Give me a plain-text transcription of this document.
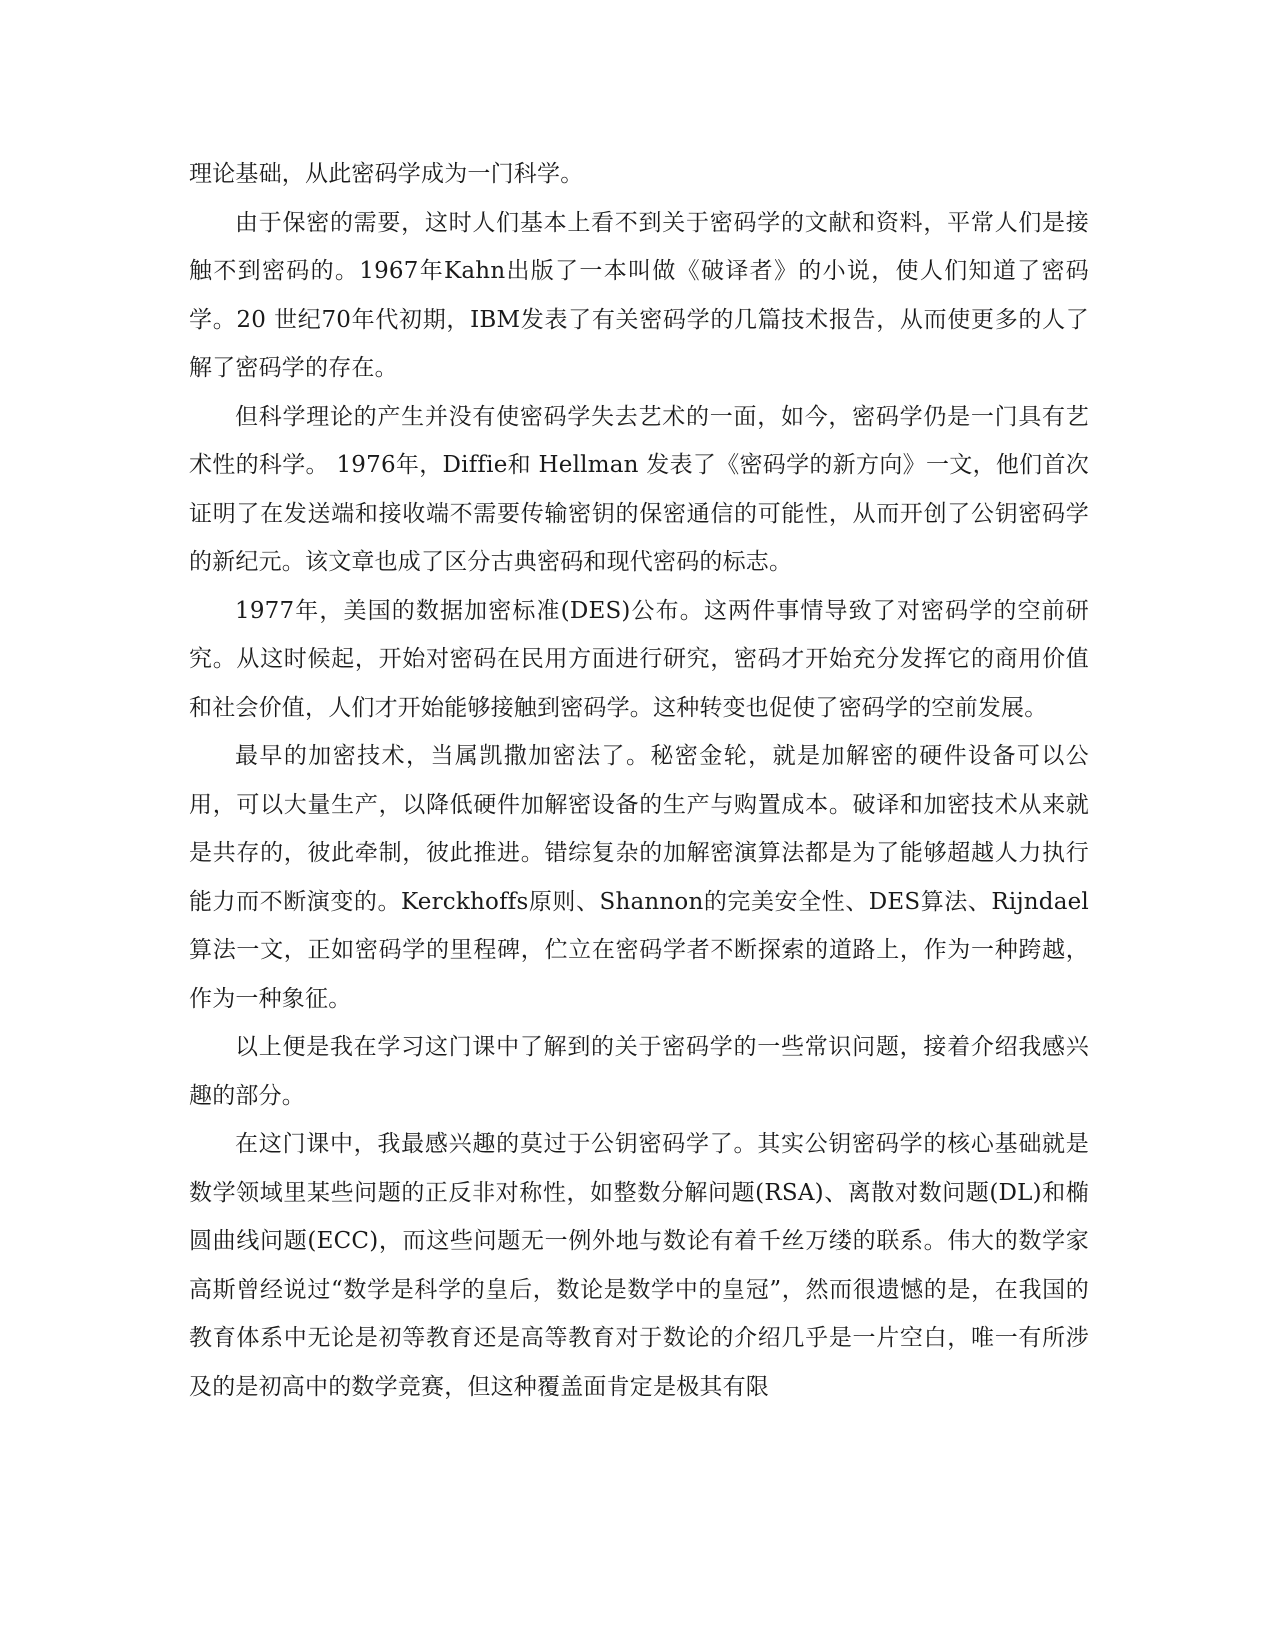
理论基础，从此密码学成为一门科学。

由于保密的需要，这时人们基本上看不到关于密码学的文献和资料，平常人们是接触不到密码的。1967年Kahn出版了一本叫做《破译者》的小说，使人们知道了密码学。20 世纪70年代初期，IBM发表了有关密码学的几篇技术报告，从而使更多的人了解了密码学的存在。

但科学理论的产生并没有使密码学失去艺术的一面，如今，密码学仍是一门具有艺术性的科学。 1976年，Diffie和 Hellman 发表了《密码学的新方向》一文，他们首次证明了在发送端和接收端不需要传输密钥的保密通信的可能性，从而开创了公钥密码学的新纪元。该文章也成了区分古典密码和现代密码的标志。

1977年，美国的数据加密标准(DES)公布。这两件事情导致了对密码学的空前研究。从这时候起，开始对密码在民用方面进行研究，密码才开始充分发挥它的商用价值和社会价值，人们才开始能够接触到密码学。这种转变也促使了密码学的空前发展。

最早的加密技术，当属凯撒加密法了。秘密金轮，就是加解密的硬件设备可以公用，可以大量生产，以降低硬件加解密设备的生产与购置成本。破译和加密技术从来就是共存的，彼此牵制，彼此推进。错综复杂的加解密演算法都是为了能够超越人力执行能力而不断演变的。Kerckhoffs原则、Shannon的完美安全性、DES算法、Rijndael算法一文，正如密码学的里程碑，伫立在密码学者不断探索的道路上，作为一种跨越，作为一种象征。

以上便是我在学习这门课中了解到的关于密码学的一些常识问题，接着介绍我感兴趣的部分。

在这门课中，我最感兴趣的莫过于公钥密码学了。其实公钥密码学的核心基础就是数学领域里某些问题的正反非对称性，如整数分解问题(RSA)、离散对数问题(DL)和椭圆曲线问题(ECC)，而这些问题无一例外地与数论有着千丝万缕的联系。伟大的数学家高斯曾经说过“数学是科学的皇后，数论是数学中的皇冠”，然而很遗憾的是，在我国的教育体系中无论是初等教育还是高等教育对于数论的介绍几乎是一片空白，唯一有所涉及的是初高中的数学竞赛，但这种覆盖面肯定是极其有限
